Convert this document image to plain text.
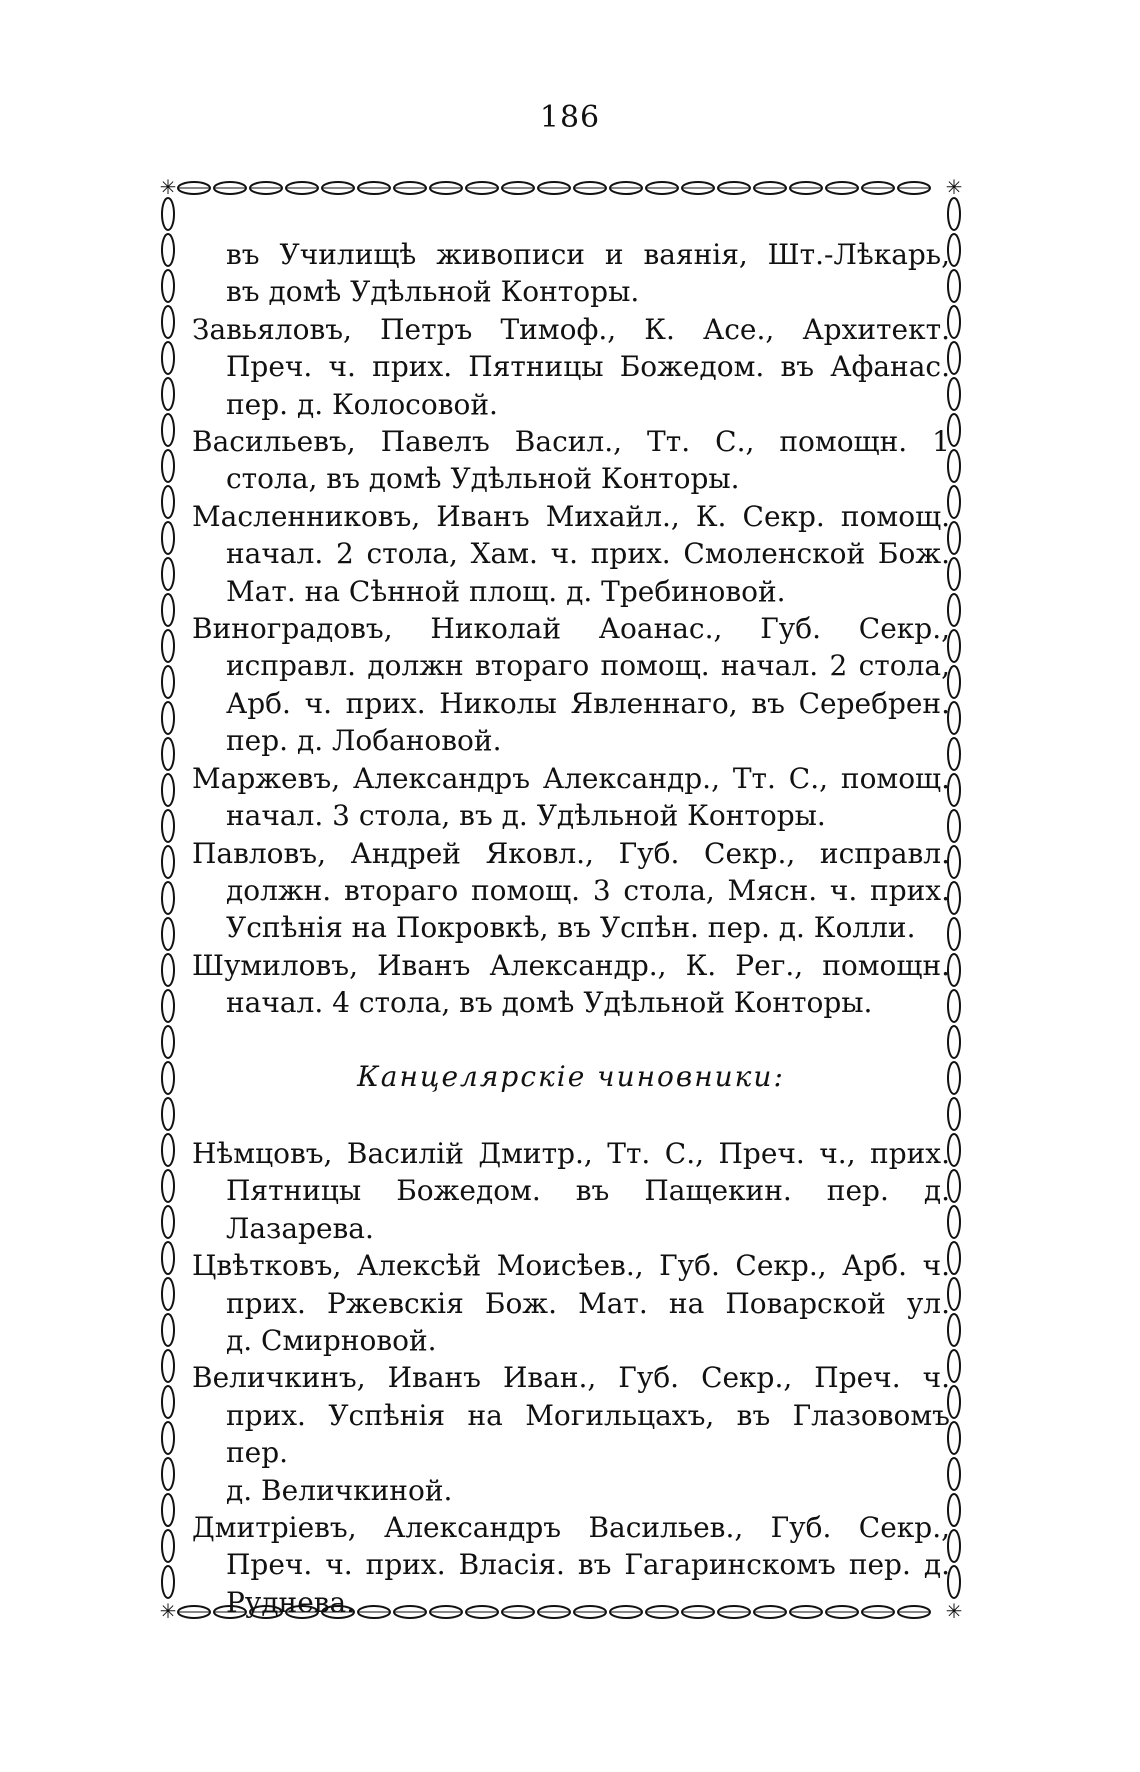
186
✳	✳
✳	✳

въ Училищѣ живописи и ваянія, Шт.-Лѣкарь,

въ домѣ Удѣльной Конторы.

Завьяловъ, Петръ Тимоф., К. Асе., Архитект.

Преч. ч. прих. Пятницы Божедом. въ Афанас.

пер. д. Колосовой.

Васильевъ, Павелъ Васил., Тт. С., помощн. 1

стола, въ домѣ Удѣльной Конторы.

Масленниковъ, Иванъ Михайл., К. Секр. помощ.

начал. 2 стола, Хам. ч. прих. Смоленской Бож.

Мат. на Сѣнной площ. д. Требиновой.

Виноградовъ, Николай Аоанас., Губ. Секр.,

исправл. должн втораго помощ. начал. 2 стола,

Арб. ч. прих. Николы Явленнаго, въ Серебрен.

пер. д. Лобановой.

Маржевъ, Александръ Александр., Тт. С., помощ.

начал. 3 стола, въ д. Удѣльной Конторы.

Павловъ, Андрей Яковл., Губ. Секр., исправл.

должн. втораго помощ. 3 стола, Мясн. ч. прих.

Успѣнія на Покровкѣ, въ Успѣн. пер. д. Колли.

Шумиловъ, Иванъ Александр., К. Рег., помощн.

начал. 4 стола, въ домѣ Удѣльной Конторы.

Канцелярскіе чиновники:

Нѣмцовъ, Василій Дмитр., Тт. С., Преч. ч., прих.

Пятницы Божедом. въ Пащекин. пер. д. Лазарева.

Цвѣтковъ, Алексѣй Моисѣев., Губ. Секр., Арб. ч.

прих. Ржевскія Бож. Мат. на Поварской ул.

д. Смирновой.

Величкинъ, Иванъ Иван., Губ. Секр., Преч. ч.

прих. Успѣнія на Могильцахъ, въ Глазовомъ пер.

д. Величкиной.

Дмитріевъ, Александръ Васильев., Губ. Секр.,

Преч. ч. прих. Власія. въ Гагаринскомъ пер. д.

Руднева.
